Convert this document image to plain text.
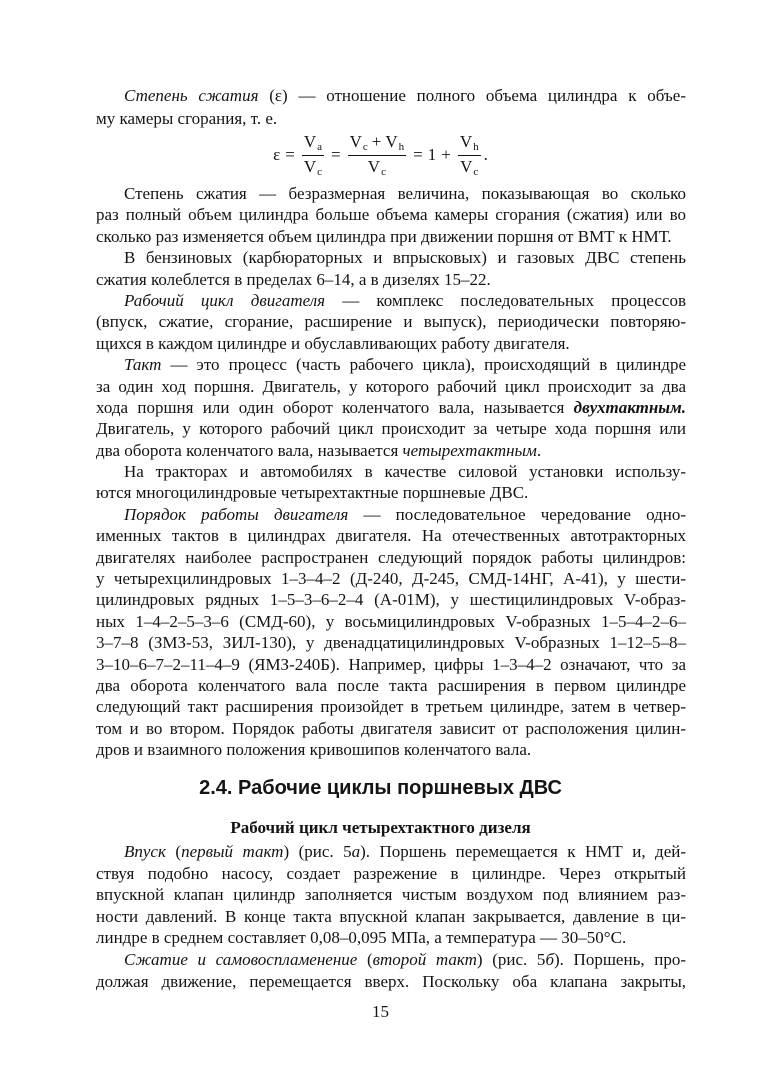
Степень сжатия (ε) — отношение полного объема цилиндра к объе-
му камеры сгорания, т. е.
$\varepsilon = \frac{Va}{Vc} = \frac{Vc + Vh}{Vc} = 1 + \frac{Vh}{Vc}$ .
Степень сжатия — безразмерная величина, показывающая во сколько
раз полный объем цилиндра больше объема камеры сгорания (сжатия) или во
сколько раз изменяется объем цилиндра при движении поршня от ВМТ к НМТ.
В бензиновых (карбюраторных и впрысковых) и газовых ДВС степень
сжатия колеблется в пределах 6–14, а в дизелях 15–22.
Рабочий цикл двигателя — комплекс последовательных процессов
(впуск, сжатие, сгорание, расширение и выпуск), периодически повторяю-
щихся в каждом цилиндре и обуславливающих работу двигателя.
Такт — это процесс (часть рабочего цикла), происходящий в цилиндре
за один ход поршня. Двигатель, у которого рабочий цикл происходит за два
хода поршня или один оборот коленчатого вала, называется двухтактным.
Двигатель, у которого рабочий цикл происходит за четыре хода поршня или
два оборота коленчатого вала, называется четырехтактным.
На тракторах и автомобилях в качестве силовой установки использу-
ются многоцилиндровые четырехтактные поршневые ДВС.
Порядок работы двигателя — последовательное чередование одно-
именных тактов в цилиндрах двигателя. На отечественных автотракторных
двигателях наиболее распространен следующий порядок работы цилиндров:
у четырехцилиндровых 1–3–4–2 (Д-240, Д-245, СМД-14НГ, А-41), у шести-
цилиндровых рядных 1–5–3–6–2–4 (А-01М), у шестицилиндровых V-образ-
ных 1–4–2–5–3–6 (СМД-60), у восьмицилиндровых V-образных 1–5–4–2–6–
3–7–8 (ЗМЗ-53, ЗИЛ-130), у двенадцатицилиндровых V-образных 1–12–5–8–
3–10–6–7–2–11–4–9 (ЯМЗ-240Б). Например, цифры 1–3–4–2 означают, что за
два оборота коленчатого вала после такта расширения в первом цилиндре
следующий такт расширения произойдет в третьем цилиндре, затем в четвер-
том и во втором. Порядок работы двигателя зависит от расположения цилин-
дров и взаимного положения кривошипов коленчатого вала.
2.4. Рабочие циклы поршневых ДВС
Рабочий цикл четырехтактного дизеля
Впуск (первый такт) (рис. 5а). Поршень перемещается к НМТ и, дей-
ствуя подобно насосу, создает разрежение в цилиндре. Через открытый
впускной клапан цилиндр заполняется чистым воздухом под влиянием раз-
ности давлений. В конце такта впускной клапан закрывается, давление в ци-
линдре в среднем составляет 0,08–0,095 МПа, а температура — 30–50°С.
Сжатие и самовоспламенение (второй такт) (рис. 5б). Поршень, про-
должая движение, перемещается вверх. Поскольку оба клапана закрыты,
15
